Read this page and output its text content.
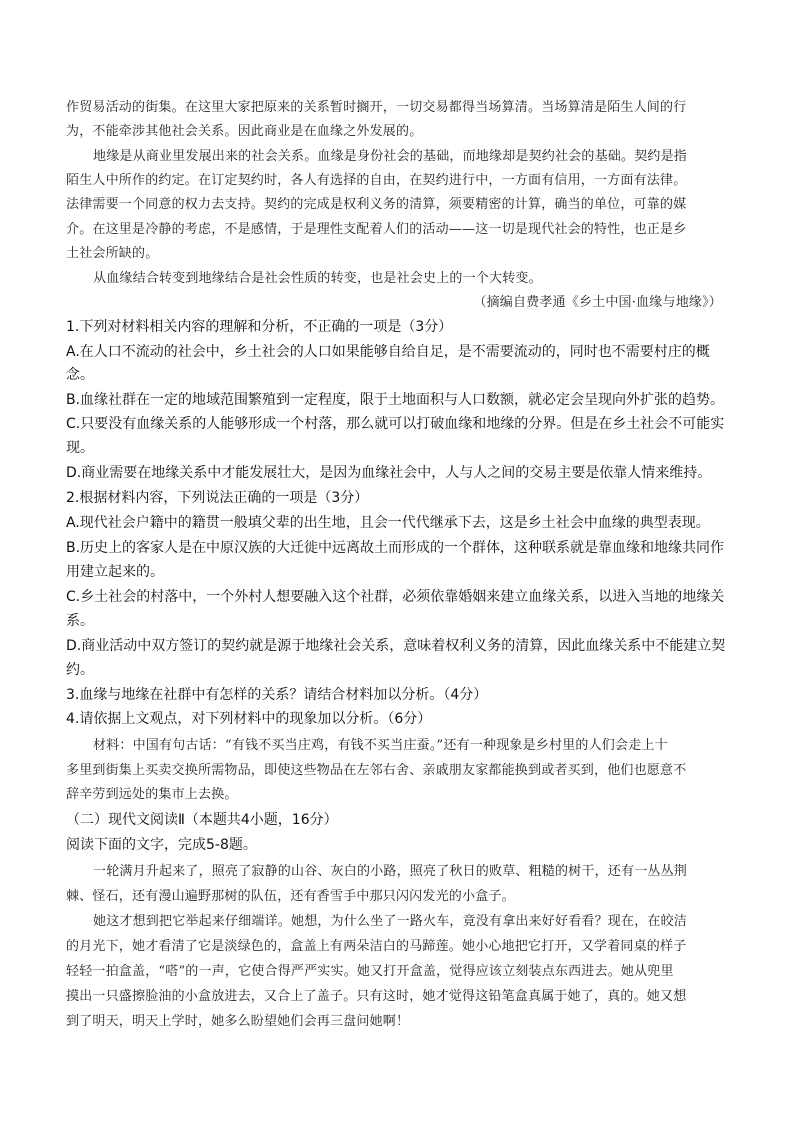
作贸易活动的街集。在这里大家把原来的关系暂时搁开，一切交易都得当场算清。当场算清是陌生人间的行
为，不能牵涉其他社会关系。因此商业是在血缘之外发展的。
地缘是从商业里发展出来的社会关系。血缘是身份社会的基础，而地缘却是契约社会的基础。契约是指
陌生人中所作的约定。在订定契约时，各人有选择的自由，在契约进行中，一方面有信用，一方面有法律。
法律需要一个同意的权力去支持。契约的完成是权利义务的清算，须要精密的计算，确当的单位，可靠的媒
介。在这里是冷静的考虑，不是感情，于是理性支配着人们的活动——这一切是现代社会的特性，也正是乡
土社会所缺的。
从血缘结合转变到地缘结合是社会性质的转变，也是社会史上的一个大转变。
（摘编自费孝通《乡土中国·血缘与地缘》）
1.下列对材料相关内容的理解和分析，不正确的一项是（3分）
A.在人口不流动的社会中，乡土社会的人口如果能够自给自足，是不需要流动的，同时也不需要村庄的概
念。
B.血缘社群在一定的地域范围繁殖到一定程度，限于土地面积与人口数额，就必定会呈现向外扩张的趋势。
C.只要没有血缘关系的人能够形成一个村落，那么就可以打破血缘和地缘的分界。但是在乡土社会不可能实
现。
D.商业需要在地缘关系中才能发展壮大，是因为血缘社会中，人与人之间的交易主要是依靠人情来维持。
2.根据材料内容，下列说法正确的一项是（3分）
A.现代社会户籍中的籍贯一般填父辈的出生地，且会一代代继承下去，这是乡土社会中血缘的典型表现。
B.历史上的客家人是在中原汉族的大迁徙中远离故土而形成的一个群体，这种联系就是靠血缘和地缘共同作
用建立起来的。
C.乡土社会的村落中，一个外村人想要融入这个社群，必须依靠婚姻来建立血缘关系，以进入当地的地缘关
系。
D.商业活动中双方签订的契约就是源于地缘社会关系，意味着权利义务的清算，因此血缘关系中不能建立契
约。
3.血缘与地缘在社群中有怎样的关系？请结合材料加以分析。（4分）
4.请依据上文观点，对下列材料中的现象加以分析。（6分）
材料：中国有句古话：“有钱不买当庄鸡，有钱不买当庄蚕。”还有一种现象是乡村里的人们会走上十
多里到街集上买卖交换所需物品，即使这些物品在左邻右舍、亲戚朋友家都能换到或者买到，他们也愿意不
辞辛劳到远处的集市上去换。
（二）现代文阅读Ⅱ（本题共4小题，16分）
阅读下面的文字，完成5-8题。
一轮满月升起来了，照亮了寂静的山谷、灰白的小路，照亮了秋日的败草、粗糙的树干，还有一丛丛荆
棘、怪石，还有漫山遍野那树的队伍，还有香雪手中那只闪闪发光的小盒子。
她这才想到把它举起来仔细端详。她想，为什么坐了一路火车，竟没有拿出来好好看看？现在，在皎洁
的月光下，她才看清了它是淡绿色的，盒盖上有两朵洁白的马蹄莲。她小心地把它打开，又学着同桌的样子
轻轻一拍盒盖，“嗒”的一声，它使合得严严实实。她又打开盒盖，觉得应该立刻装点东西进去。她从兜里
摸出一只盛擦脸油的小盒放进去，又合上了盖子。只有这时，她才觉得这铅笔盒真属于她了，真的。她又想
到了明天，明天上学时，她多么盼望她们会再三盘问她啊！
